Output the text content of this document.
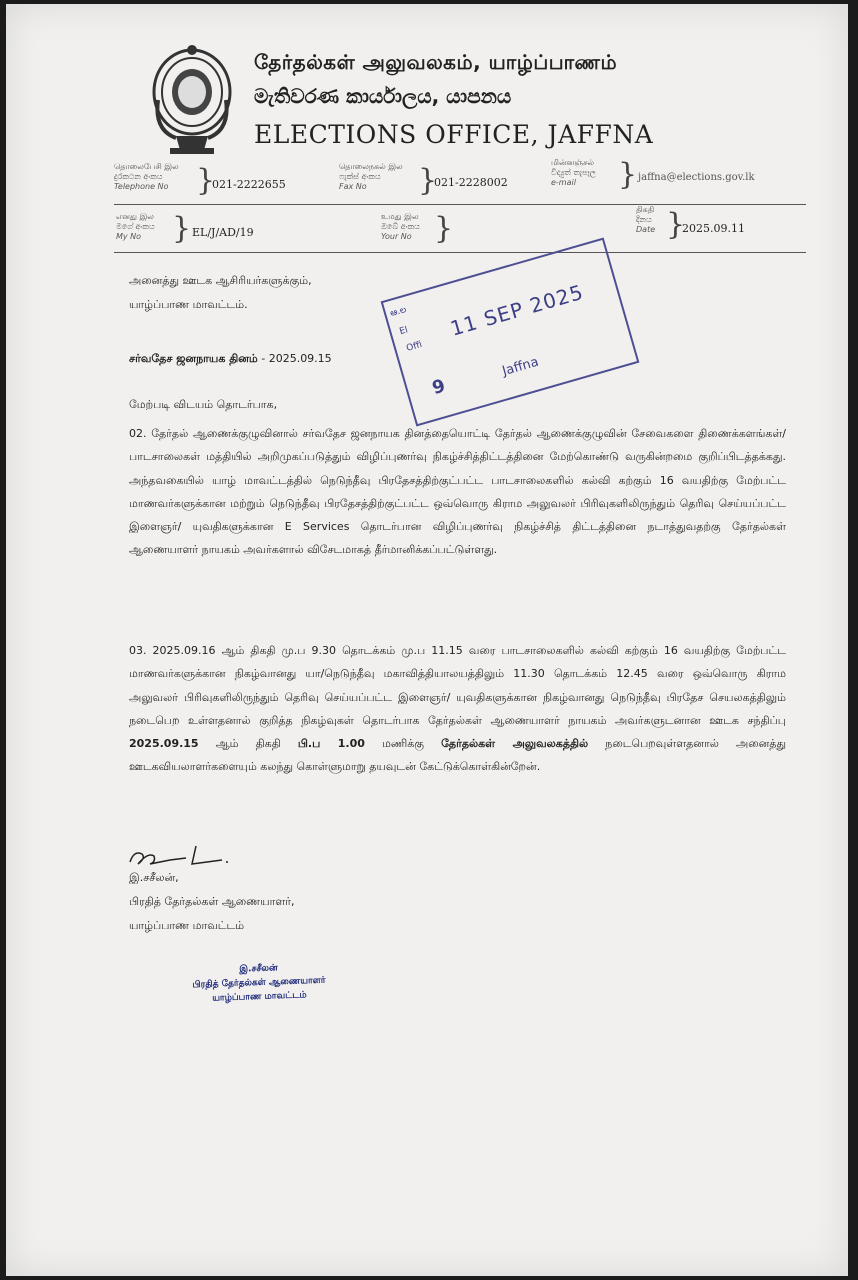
தேர்தல்கள் அலுவலகம், யாழ்ப்பாணம்
මැතිවරණ කාර්යාලය, යාපනය
ELECTIONS OFFICE, JAFFNA
தொலைபேசி இல
දුරකථන අංකය
Telephone No }
021-2222655
தொலைநகல் இல
ෆැක්ස් අංකය
Fax No	}
021-2228002
மின்னஞ்சல்
විද්‍යුත් තැපෑල
e-mail	} jaffna@elections.gov.lk
எனது இல
මගේ අංකය
My No	} EL/J/AD/19
உமது இல
ඔබේ අංකය
Your No }
திகதி
දිනය
Date }
2025.09.11
அனைத்து ஊடக ஆசிரியர்களுக்கும்,
யாழ்ப்பாண மாவட்டம்.
சர்வதேச ஜனநாயக தினம் - 2025.09.15
மேற்படி விடயம் தொடர்பாக,
02. தேர்தல் ஆணைக்குழுவினால் சர்வதேச ஜனநாயக தினத்தையொட்டி தேர்தல் ஆணைக்குழுவின் சேவைகளை திணைக்களங்கள்/ பாடசாலைகள் மத்தியில் அறிமுகப்படுத்தும் விழிப்புணர்வு நிகழ்ச்சித்திட்டத்தினை மேற்கொண்டு வருகின்றமை குறிப்பிடத்தக்கது. அந்தவகையில் யாழ் மாவட்டத்தில் நெடுந்தீவு பிரதேசத்திற்குட்பட்ட பாடசாலைகளில் கல்வி கற்கும் 16 வயதிற்கு மேற்பட்ட மாணவர்களுக்கான மற்றும் நெடுந்தீவு பிரதேசத்திற்குட்பட்ட ஒவ்வொரு கிராம அலுவலர் பிரிவுகளிலிருந்தும் தெரிவு செய்யப்பட்ட இளைஞர்/ யுவதிகளுக்கான E Services தொடர்பான விழிப்புணர்வு நிகழ்ச்சித் திட்டத்தினை நடாத்துவதற்கு தேர்தல்கள் ஆணையாளர் நாயகம் அவர்களால் விசேடமாகத் தீர்மானிக்கப்பட்டுள்ளது.
03. 2025.09.16 ஆம் திகதி மு.ப 9.30 தொடக்கம் மு.ப 11.15 வரை பாடசாலைகளில் கல்வி கற்கும் 16 வயதிற்கு மேற்பட்ட மாணவர்களுக்கான நிகழ்வானது யா/நெடுந்தீவு மகாவித்தியாலயத்திலும் 11.30 தொடக்கம் 12.45 வரை ஒவ்வொரு கிராம அலுவலர் பிரிவுகளிலிருந்தும் தெரிவு செய்யப்பட்ட இளைஞர்/ யுவதிகளுக்கான நிகழ்வானது நெடுந்தீவு பிரதேச செயலகத்திலும் நடைபெற உள்ளதனால் குறித்த நிகழ்வுகள் தொடர்பாக தேர்தல்கள் ஆணையாளர் நாயகம் அவர்களுடனான ஊடக சந்திப்பு 2025.09.15 ஆம் திகதி பி.ப 1.00 மணிக்கு தேர்தல்கள் அலுவலகத்தில் நடைபெறவுள்ளதனால் அனைத்து ஊடகவியலாளர்களையும் கலந்து கொள்ளுமாறு தயவுடன் கேட்டுக்கொள்கின்றேன்.
இ.சசீலன்,
பிரதித் தேர்தல்கள் ஆணையாளர்,
யாழ்ப்பாண மாவட்டம்
இ.சசீலன்
பிரதித் தேர்தல்கள் ஆணையாளர்
யாழ்ப்பாண மாவட்டம்
ఆ.ల
El
Offi
11 SEP 2025
9
Jaffna
